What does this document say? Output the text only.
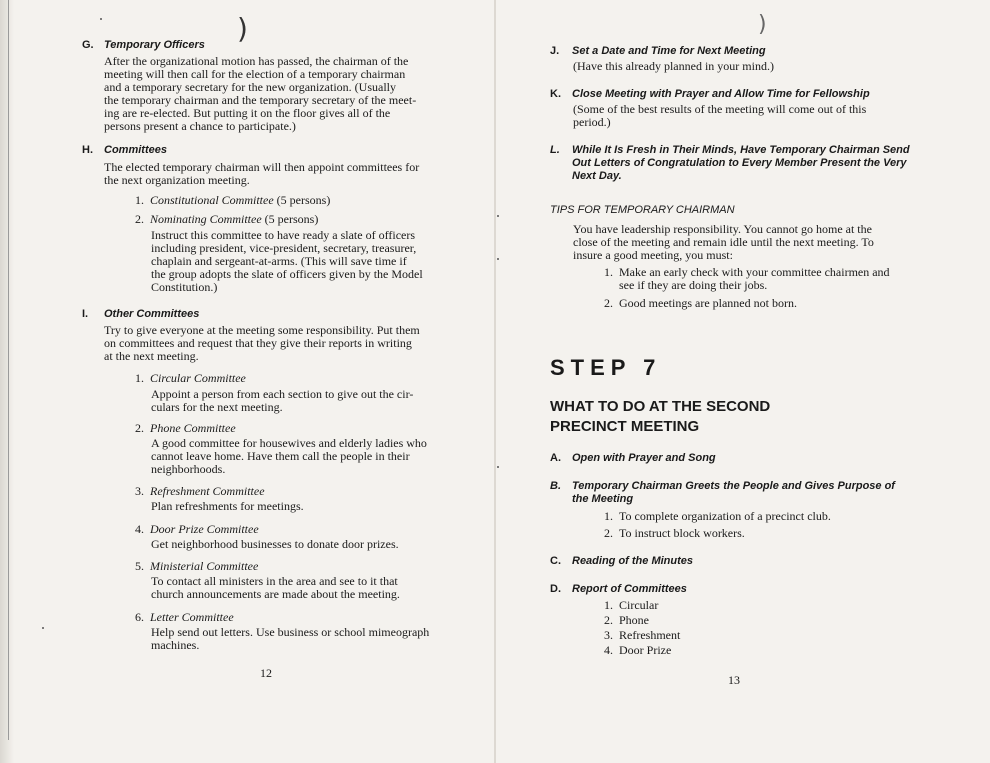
)	)
G. Temporary Officers
After the organizational motion has passed, the chairman of the
meeting will then call for the election of a temporary chairman
and a temporary secretary for the new organization. (Usually
the temporary chairman and the temporary secretary of the meet-
ing are re-elected. But putting it on the floor gives all of the
persons present a chance to participate.)
H. Committees
The elected temporary chairman will then appoint committees for
the next organization meeting.
1. Constitutional Committee (5 persons)
2. Nominating Committee (5 persons)
Instruct this committee to have ready a slate of officers
including president, vice-president, secretary, treasurer,
chaplain and sergeant-at-arms. (This will save time if
the group adopts the slate of officers given by the Model
Constitution.)
I. Other Committees
Try to give everyone at the meeting some responsibility. Put them
on committees and request that they give their reports in writing
at the next meeting.
1. Circular Committee
Appoint a person from each section to give out the cir-
culars for the next meeting.
2. Phone Committee
A good committee for housewives and elderly ladies who
cannot leave home. Have them call the people in their
neighborhoods.
3. Refreshment Committee
Plan refreshments for meetings.
4. Door Prize Committee
Get neighborhood businesses to donate door prizes.
5. Ministerial Committee
To contact all ministers in the area and see to it that
church announcements are made about the meeting.
6. Letter Committee
Help send out letters. Use business or school mimeograph
machines.
12
J. Set a Date and Time for Next Meeting
(Have this already planned in your mind.)
K. Close Meeting with Prayer and Allow Time for Fellowship
(Some of the best results of the meeting will come out of this
period.)
L. While It Is Fresh in Their Minds, Have Temporary Chairman Send
Out Letters of Congratulation to Every Member Present the Very
Next Day.
TIPS FOR TEMPORARY CHAIRMAN
You have leadership responsibility. You cannot go home at the
close of the meeting and remain idle until the next meeting. To
insure a good meeting, you must:
1. Make an early check with your committee chairmen and
see if they are doing their jobs.
2. Good meetings are planned not born.
STEP 7
WHAT TO DO AT THE SECOND
PRECINCT MEETING
A. Open with Prayer and Song
B. Temporary Chairman Greets the People and Gives Purpose of
the Meeting
1. To complete organization of a precinct club.
2. To instruct block workers.
C. Reading of the Minutes
D. Report of Committees
1. Circular
2. Phone
3. Refreshment
4. Door Prize
13
